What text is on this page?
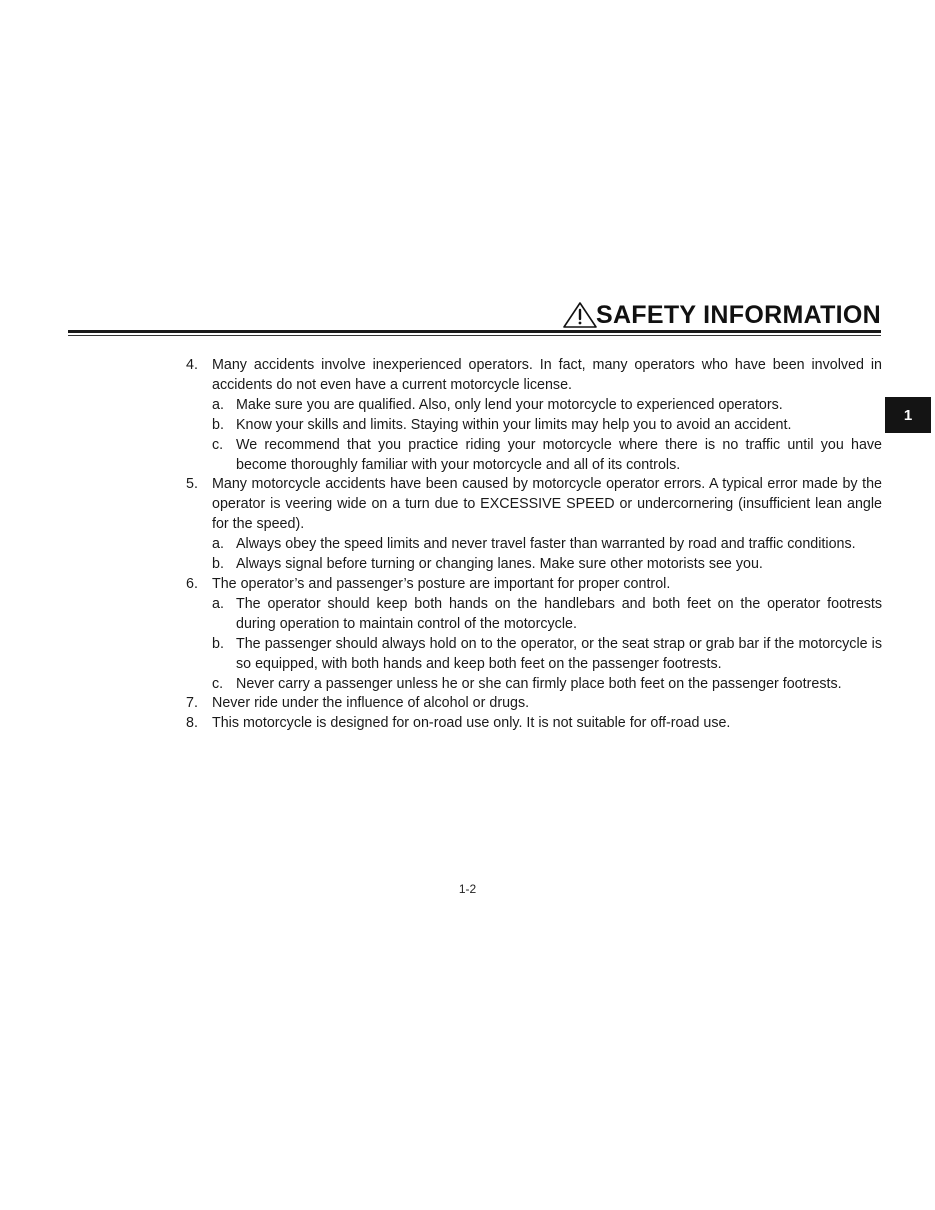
SAFETY INFORMATION
1
4. Many accidents involve inexperienced operators. In fact, many operators who have been involved in accidents do not even have a current motorcycle license.
a. Make sure you are qualified. Also, only lend your motorcycle to experienced operators.
b. Know your skills and limits. Staying within your limits may help you to avoid an accident.
c. We recommend that you practice riding your motorcycle where there is no traffic until you have become thoroughly familiar with your motorcycle and all of its controls.
5. Many motorcycle accidents have been caused by motorcycle operator errors. A typical error made by the operator is veering wide on a turn due to EXCESSIVE SPEED or undercornering (insufficient lean angle for the speed).
a. Always obey the speed limits and never travel faster than warranted by road and traffic conditions.
b. Always signal before turning or changing lanes. Make sure other motorists see you.
6. The operator’s and passenger’s posture are important for proper control.
a. The operator should keep both hands on the handlebars and both feet on the operator footrests during operation to maintain control of the motorcycle.
b. The passenger should always hold on to the operator, or the seat strap or grab bar if the motorcycle is so equipped, with both hands and keep both feet on the passenger footrests.
c. Never carry a passenger unless he or she can firmly place both feet on the passenger footrests.
7. Never ride under the influence of alcohol or drugs.
8. This motorcycle is designed for on-road use only. It is not suitable for off-road use.
1-2
